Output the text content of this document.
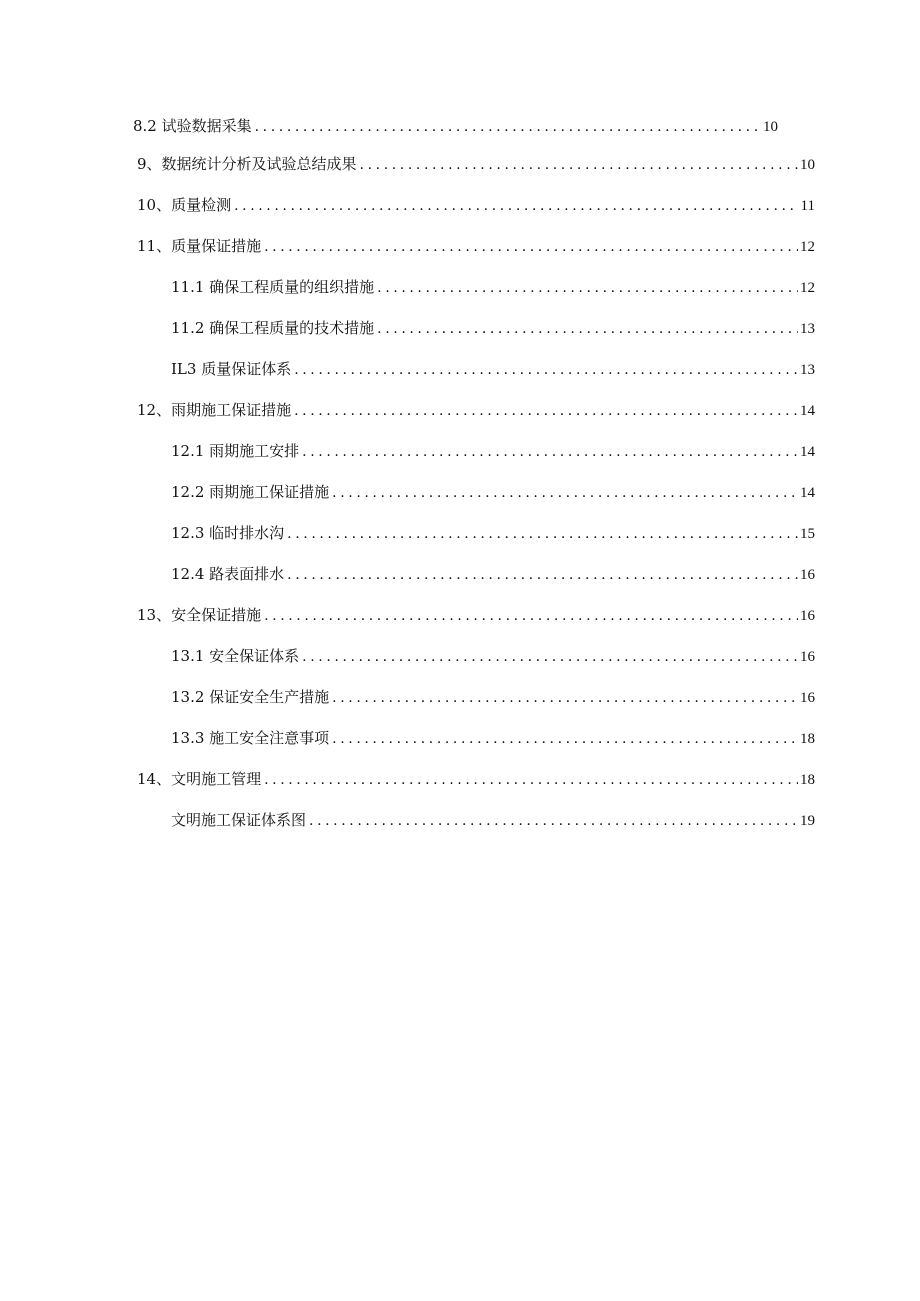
8.2 试验数据采集 .....	10
9、数据统计分析及试验总结成果 .....	10
10、质量检测 .....	11
11、质量保证措施 .....	12
11.1 确保工程质量的组织措施 .....	12
11.2 确保工程质量的技术措施 .....	13
IL3 质量保证体系 .....	13
12、雨期施工保证措施 .....	14
12.1 雨期施工安排 .....	14
12.2 雨期施工保证措施 .....	14
12.3 临时排水沟 .....	15
12.4 路表面排水 .....	16
13、安全保证措施 .....	16
13.1 安全保证体系 .....	16
13.2 保证安全生产措施 .....	16
13.3 施工安全注意事项 .....	18
14、文明施工管理 .....	18
文明施工保证体系图 .....	19
